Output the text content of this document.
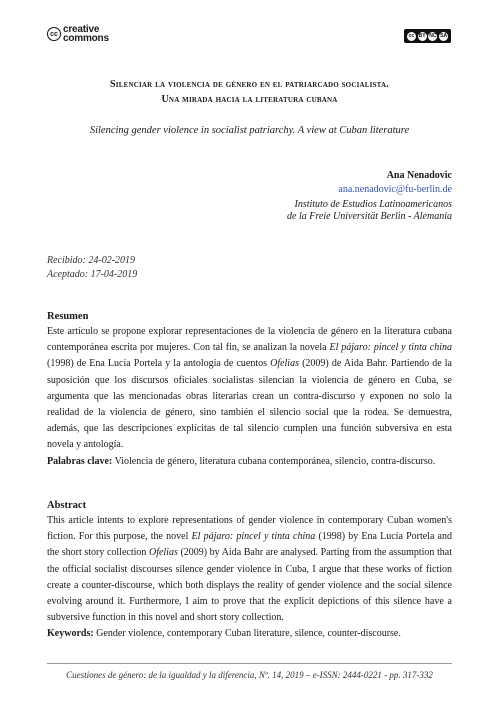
cc creative
commons	cc BY NC SA
Silenciar la violencia de género en el patriarcado socialista.
Una mirada hacia la literatura cubana
Silencing gender violence in socialist patriarchy. A view at Cuban literature
Ana Nenadovic
ana.nenadovic@fu-berlin.de
Instituto de Estudios Latinoamericanos
de la Freie Universität Berlin - Alemania
Recibido: 24-02-2019
Aceptado: 17-04-2019
Resumen
Este artículo se propone explorar representaciones de la violencia de género en la literatura cubana contemporánea escrita por mujeres. Con tal fin, se analizan la novela El pájaro: pincel y tinta china (1998) de Ena Lucía Portela y la antología de cuentos Ofelias (2009) de Aida Bahr. Partiendo de la suposición que los discursos oficiales socialistas silencian la violencia de género en Cuba, se argumenta que las mencionadas obras literarias crean un contra-discurso y exponen no solo la realidad de la violencia de género, sino también el silencio social que la rodea. Se demuestra, además, que las descripciones explícitas de tal silencio cumplen una función subversiva en esta novela y antología.
Palabras clave: Violencia de género, literatura cubana contemporánea, silencio, contra-discurso.
Abstract
This article intents to explore representations of gender violence in contemporary Cuban women's fiction. For this purpose, the novel El pájaro: pincel y tinta china (1998) by Ena Lucía Portela and the short story collection Ofelias (2009) by Aida Bahr are analysed. Parting from the assumption that the official socialist discourses silence gender violence in Cuba, I argue that these works of fiction create a counter-discourse, which both displays the reality of gender violence and the social silence evolving around it. Furthermore, I aim to prove that the explicit depictions of this silence have a subversive function in this novel and short story collection.
Keywords: Gender violence, contemporary Cuban literature, silence, counter-discourse.
Cuestiones de género: de la igualdad y la diferencia, Nº. 14, 2019 – e-ISSN: 2444-0221 - pp. 317-332
